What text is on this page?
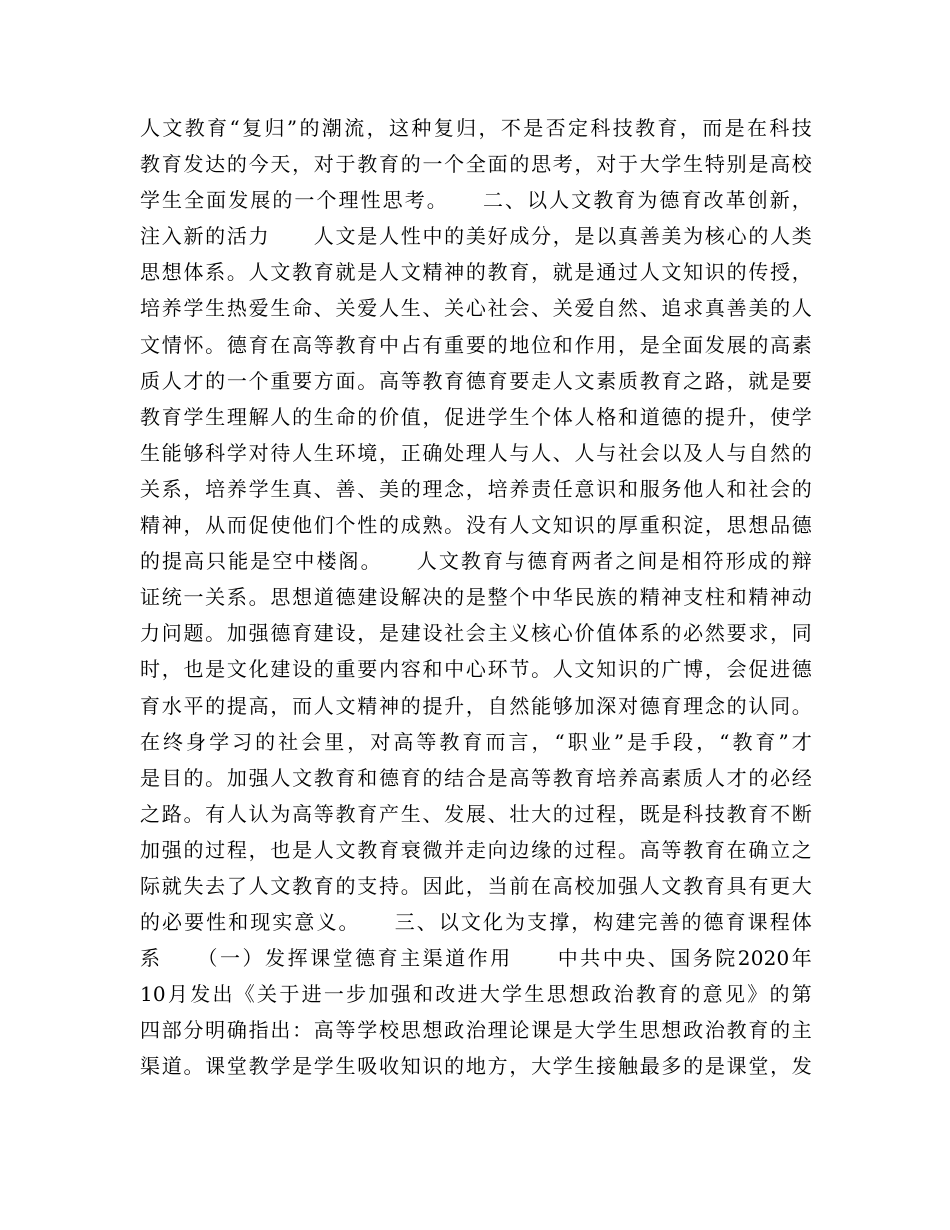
人文教育“复归”的潮流，这种复归，不是否定科技教育，而是在科技
教育发达的今天，对于教育的一个全面的思考，对于大学生特别是高校
学生全面发展的一个理性思考。　　二、以人文教育为德育改革创新，
注入新的活力　　人文是人性中的美好成分，是以真善美为核心的人类
思想体系。人文教育就是人文精神的教育，就是通过人文知识的传授，
培养学生热爱生命、关爱人生、关心社会、关爱自然、追求真善美的人
文情怀。德育在高等教育中占有重要的地位和作用，是全面发展的高素
质人才的一个重要方面。高等教育德育要走人文素质教育之路，就是要
教育学生理解人的生命的价值，促进学生个体人格和道德的提升，使学
生能够科学对待人生环境，正确处理人与人、人与社会以及人与自然的
关系，培养学生真、善、美的理念，培养责任意识和服务他人和社会的
精神，从而促使他们个性的成熟。没有人文知识的厚重积淀，思想品德
的提高只能是空中楼阁。　　人文教育与德育两者之间是相符形成的辩
证统一关系。思想道德建设解决的是整个中华民族的精神支柱和精神动
力问题。加强德育建设，是建设社会主义核心价值体系的必然要求，同
时，也是文化建设的重要内容和中心环节。人文知识的广博，会促进德
育水平的提高，而人文精神的提升，自然能够加深对德育理念的认同。
在终身学习的社会里，对高等教育而言，“职业”是手段，“教育”才
是目的。加强人文教育和德育的结合是高等教育培养高素质人才的必经
之路。有人认为高等教育产生、发展、壮大的过程，既是科技教育不断
加强的过程，也是人文教育衰微并走向边缘的过程。高等教育在确立之
际就失去了人文教育的支持。因此，当前在高校加强人文教育具有更大
的必要性和现实意义。　　三、以文化为支撑，构建完善的德育课程体
系　　（一）发挥课堂德育主渠道作用　　中共中央、国务院2020年
10月发出《关于进一步加强和改进大学生思想政治教育的意见》的第
四部分明确指出：高等学校思想政治理论课是大学生思想政治教育的主
渠道。课堂教学是学生吸收知识的地方，大学生接触最多的是课堂，发
